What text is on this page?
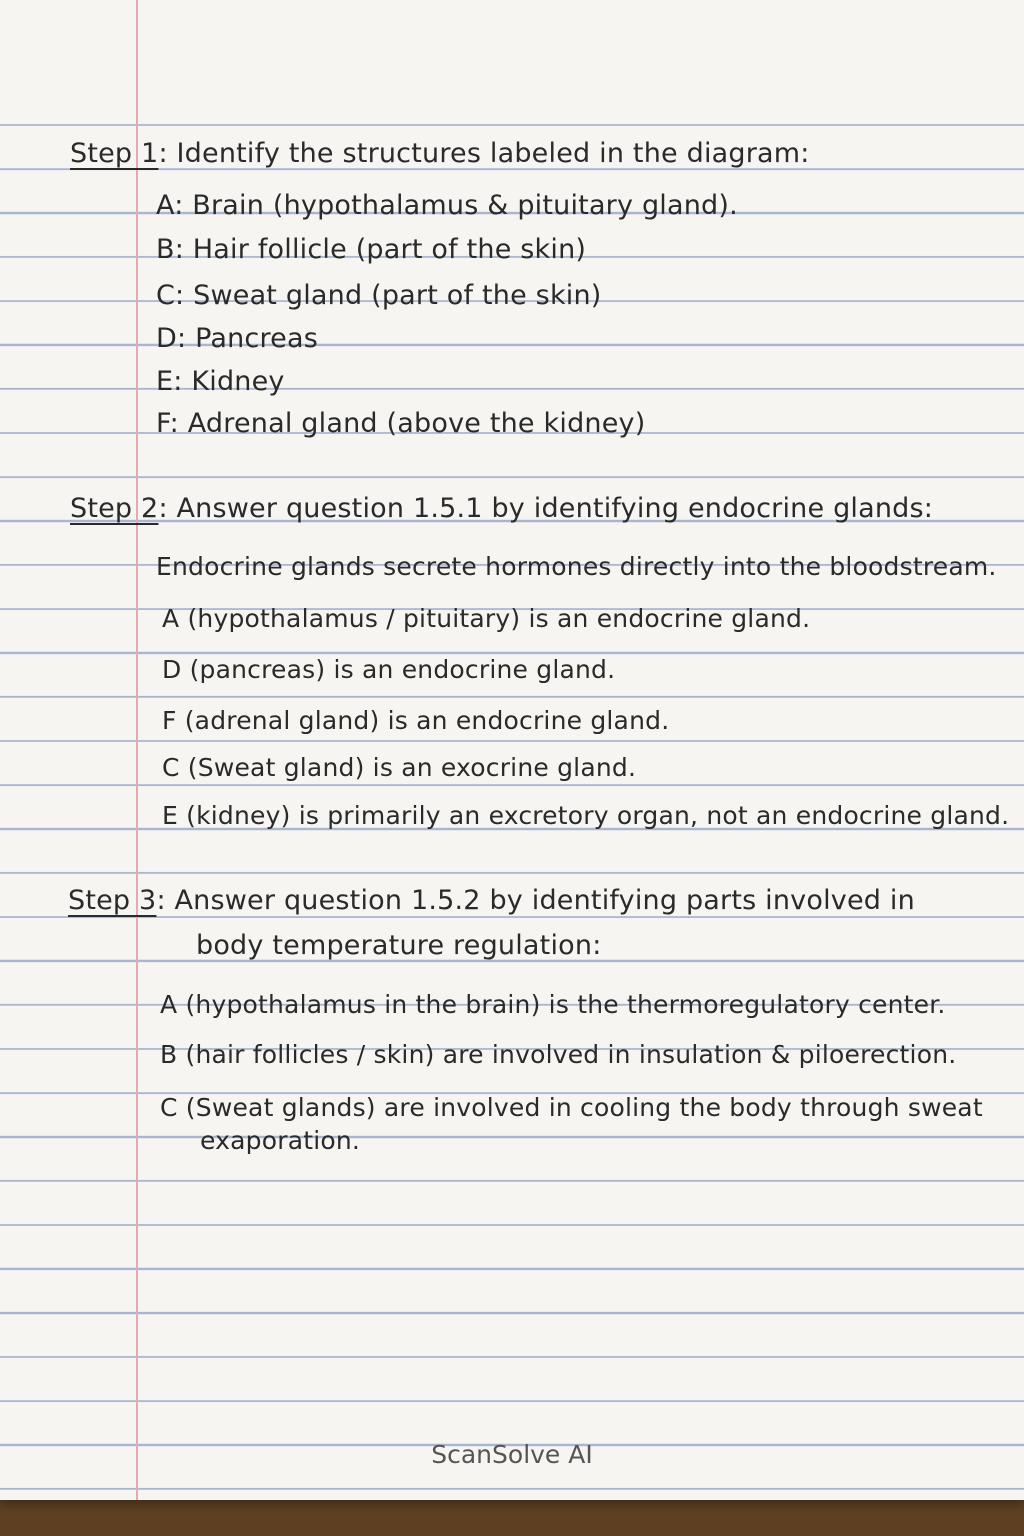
Step 1: Identify the structures labeled in the diagram:
A: Brain (hypothalamus & pituitary gland).
B: Hair follicle (part of the skin)
C: Sweat gland (part of the skin)
D: Pancreas
E: Kidney
F: Adrenal gland (above the kidney)
Step 2: Answer question 1.5.1 by identifying endocrine glands:
Endocrine glands secrete hormones directly into the bloodstream.
A (hypothalamus / pituitary) is an endocrine gland.
D (pancreas) is an endocrine gland.
F (adrenal gland) is an endocrine gland.
C (Sweat gland) is an exocrine gland.
E (kidney) is primarily an excretory organ, not an endocrine gland.
Step 3: Answer question 1.5.2 by identifying parts involved in
body temperature regulation:
A (hypothalamus in the brain) is the thermoregulatory center.
B (hair follicles / skin) are involved in insulation & piloerection.
C (Sweat glands) are involved in cooling the body through sweat
exaporation.
ScanSolve AI
